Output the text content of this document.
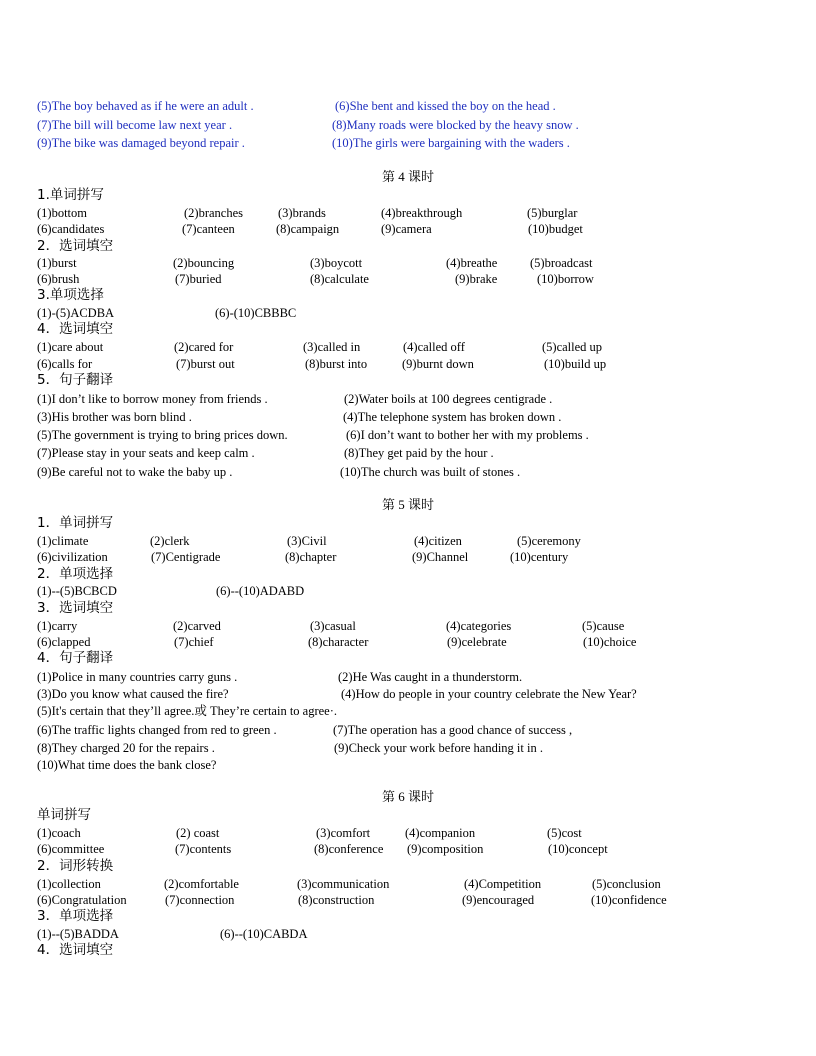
(5)The boy behaved as if he were an adult .	(6)She bent and kissed the boy on the head .
(7)The bill will become law next year .	(8)Many roads were blocked by the heavy snow .
(9)The bike was damaged beyond repair .	(10)The girls were bargaining with the waders .
第 4 课时
1.单词拼写
(1)bottom	(2)branches	(3)brands	(4)breakthrough	(5)burglar
(6)candidates	(7)canteen	(8)campaign	(9)camera	(10)budget
2．选词填空
(1)burst	(2)bouncing	(3)boycott	(4)breathe	(5)broadcast
(6)brush	(7)buried	(8)calculate	(9)brake	(10)borrow
3.单项选择
(1)-(5)ACDBA	(6)-(10)CBBBC
4．选词填空
(1)care about	(2)cared for	(3)called in	(4)called off	(5)called up
(6)calls for	(7)burst out	(8)burst into	(9)burnt down	(10)build up
5．句子翻译
(1)I don’t like to borrow money from friends .	(2)Water boils at 100 degrees centigrade .
(3)His brother was born blind .	(4)The telephone system has broken down .
(5)The government is trying to bring prices down.	(6)I don’t want to bother her with my problems .
(7)Please stay in your seats and keep calm .	(8)They get paid by the hour .
(9)Be careful not to wake the baby up .	(10)The church was built of stones .
第 5 课时
1．单词拼写
(1)climate	(2)clerk	(3)Civil	(4)citizen	(5)ceremony
(6)civilization	(7)Centigrade	(8)chapter	(9)Channel	(10)century
2．单项选择
(1)--(5)BCBCD	(6)--(10)ADABD
3．选词填空
(1)carry	(2)carved	(3)casual	(4)categories	(5)cause
(6)clapped	(7)chief	(8)character	(9)celebrate	(10)choice
4．句子翻译
(1)Police in many countries carry guns .	(2)He Was caught in a thunderstorm.
(3)Do you know what caused the fire?	(4)How do people in your country celebrate the New Year?
(5)It's certain that they’ll agree.或 They’re certain to agree·.
(6)The traffic lights changed from red to green .	(7)The operation has a good chance of success ,
(8)They charged 20 for the repairs .	(9)Check your work before handing it in .
(10)What time does the bank close?
第 6 课时
单词拼写
(1)coach	(2) coast	(3)comfort	(4)companion	(5)cost
(6)committee	(7)contents	(8)conference (9)composition	(10)concept
2．词形转换
(1)collection	(2)comfortable	(3)communication	(4)Competition	(5)conclusion
(6)Congratulation	(7)connection	(8)construction	(9)encouraged	(10)confidence
3．单项选择
(1)--(5)BADDA	(6)--(10)CABDA
4．选词填空
